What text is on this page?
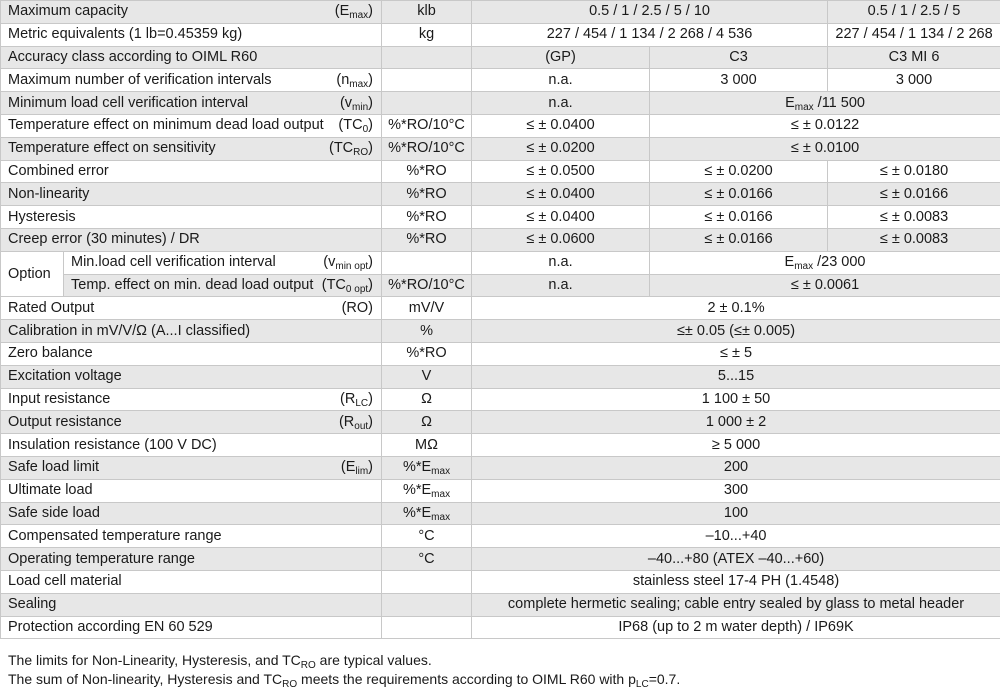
Maximum capacity $(E_{max})$		klb	0.5 / 1 / 2.5 / 5 / 10		0.5 / 1 / 2.5 / 5

Metric equivalents (1 lb=0.45359 kg)		kg	227 / 454 / 1 134 / 2 268 / 4 536		227 / 454 / 1 134 / 2 268

Accuracy class according to OIML R60			(GP)	C3	C3 MI 6

Maximum number of verification intervals $(n_{max})$			n.a.	3 000	3 000

Minimum load cell verification interval $(v_{min})$			n.a.	$E_{max}$ /11 500	

Temperature effect on minimum dead load output $(TC_0)$		%*RO/10°C	≤ ± 0.0400	≤ ± 0.0122	

Temperature effect on sensitivity $(TC_{RO})$		%*RO/10°C	≤ ± 0.0200	≤ ± 0.0100	

Combined error		%*RO	≤ ± 0.0500	≤ ± 0.0200	≤ ± 0.0180

Non-linearity		%*RO	≤ ± 0.0400	≤ ± 0.0166	≤ ± 0.0166

Hysteresis		%*RO	≤ ± 0.0400	≤ ± 0.0166	≤ ± 0.0083

Creep error (30 minutes) / DR		%*RO	≤ ± 0.0600	≤ ± 0.0166	≤ ± 0.0083
Option	Min.load cell verification interval $(v_{min opt})$		n.a.	$E_{max}$ /23 000	

	Temp. effect on min. dead load output $(TC_{0 opt})$	%*RO/10°C	n.a.	≤ ± 0.0061	

Rated Output (RO)		mV/V	2 ± 0.1%		

Calibration in mV/V/Ω (A...I classified)		%	≤± 0.05 (≤± 0.005)		

Zero balance		%*RO	≤ ± 5		

Excitation voltage		V	5...15		

Input resistance $(R_{LC})$		Ω	1 100 ± 50		

Output resistance $(R_{out})$		Ω	1 000 ± 2		

Insulation resistance (100 V DC)		MΩ	≥ 5 000		

Safe load limit $(E_{lim})$		$\%*E_{max}$	200		

Ultimate load		$\%*E_{max}$	300		

Safe side load		$\%*E_{max}$	100		

Compensated temperature range		°C	–10...+40		

Operating temperature range		°C	–40...+80 (ATEX –40...+60)		

Load cell material			stainless steel 17-4 PH (1.4548)		

Sealing			complete hermetic sealing; cable entry sealed by glass to metal header		

Protection according EN 60 529			IP68 (up to 2 m water depth) / IP69K		
The limits for Non-Linearity, Hysteresis, and $TC_{RO}$ are typical values.
The sum of Non-linearity, Hysteresis and $TC_{RO}$ meets the requirements according to OIML R60 with $p_{LC}=0.7$.
